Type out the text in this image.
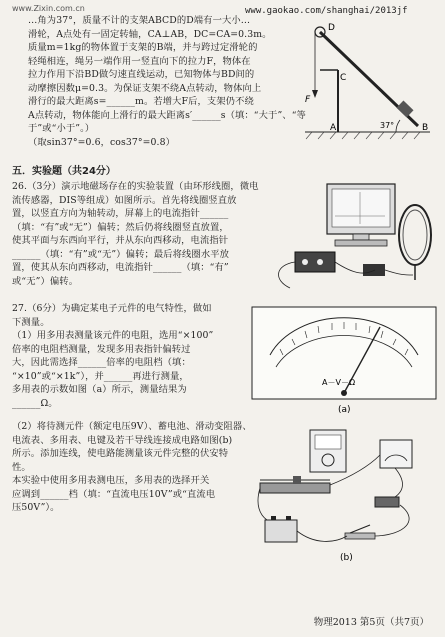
www.Zixin.com.cn	www.gaokao.com/shanghai/2013jf
…角为37°，质量不计的支架ABCD的D端有一大小…
滑轮，A点处有一固定转轴，CA⊥AB，DC=CA=0.3m。
质量m=1kg的物体置于支架的B端，并与跨过定滑轮的
轻绳相连，绳另一端作用一竖直向下的拉力F，物体在
拉力作用下沿BD做匀速直线运动，已知物体与BD间的
动摩擦因数μ=0.3。为保证支架不绕A点转动，物体向上
滑行的最大距离s=______m。若增大F后，支架仍不绕
A点转动，物体能向上滑行的最大距离s′______s（填：“大于”、“等于”或“小于”。）
（取sin37°=0.6，cos37°=0.8）
D
C
A	B
F
37°
五．实验题（共24分）
26.（3分）演示地磁场存在的实验装置（由环形线圈，微电
流传感器，DIS等组成）如图所示。首先将线圈竖直放
置，以竖直方向为轴转动，屏幕上的电流指针______
（填：“有”或“无”）偏转；然后仍将线圈竖直放置，
使其平面与东西向平行，并从东向西移动，电流指针
______（填：“有”或“无”）偏转；最后将线圈水平放
置，使其从东向西移动，电流指针______（填：“有”
或“无”）偏转。
27.（6分）为确定某电子元件的电气特性，做如
下测量。
（1）用多用表测量该元件的电阻，选用“×100”
倍率的电阻档测量，发现多用表指针偏转过
大，因此需选择______倍率的电阻档（填：
“×10”或“×1k”），并______再进行测量，
多用表的示数如图（a）所示，测量结果为
______Ω。
A－V－Ω
(a)
（2）将待测元件（额定电压9V）、蓄电池、滑动变阻器、
电流表、多用表、电键及若干导线连接成电路如图(b)
所示。添加连线，使电路能测量该元件完整的伏安特
性。
本实验中使用多用表测电压，多用表的选择开关
应调到______档（填：“直流电压10V”或“直流电
压50V”）。
(b)
物理2013 第5页（共7页）
